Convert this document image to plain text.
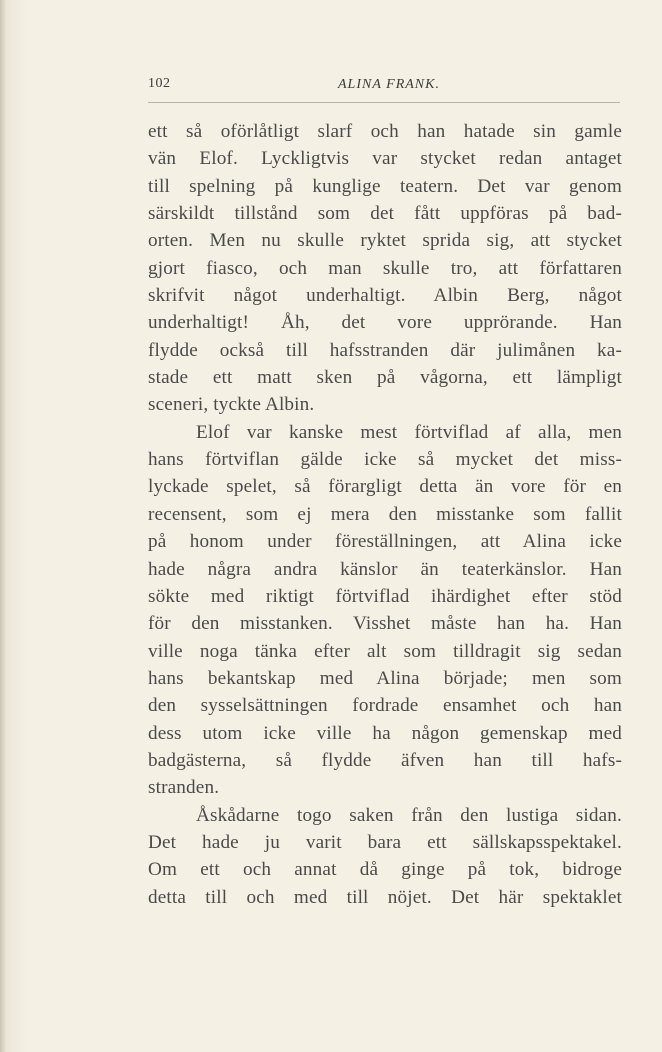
102	ALINA FRANK.
ett så oförlåtligt slarf och han hatade sin gamle
vän Elof. Lyckligtvis var stycket redan antaget
till spelning på kunglige teatern. Det var genom
särskildt tillstånd som det fått uppföras på bad-
orten. Men nu skulle ryktet sprida sig, att stycket
gjort fiasco, och man skulle tro, att författaren
skrifvit något underhaltigt. Albin Berg, något
underhaltigt! Åh, det vore upprörande. Han
flydde också till hafsstranden där julimånen ka-
stade ett matt sken på vågorna, ett lämpligt
sceneri, tyckte Albin.
Elof var kanske mest förtviflad af alla, men
hans förtviflan gälde icke så mycket det miss-
lyckade spelet, så förargligt detta än vore för en
recensent, som ej mera den misstanke som fallit
på honom under föreställningen, att Alina icke
hade några andra känslor än teaterkänslor. Han
sökte med riktigt förtviflad ihärdighet efter stöd
för den misstanken. Visshet måste han ha. Han
ville noga tänka efter alt som tilldragit sig sedan
hans bekantskap med Alina började; men som
den sysselsättningen fordrade ensamhet och han
dess utom icke ville ha någon gemenskap med
badgästerna, så flydde äfven han till hafs-
stranden.
Åskådarne togo saken från den lustiga sidan.
Det hade ju varit bara ett sällskapsspektakel.
Om ett och annat då ginge på tok, bidroge
detta till och med till nöjet. Det här spektaklet
